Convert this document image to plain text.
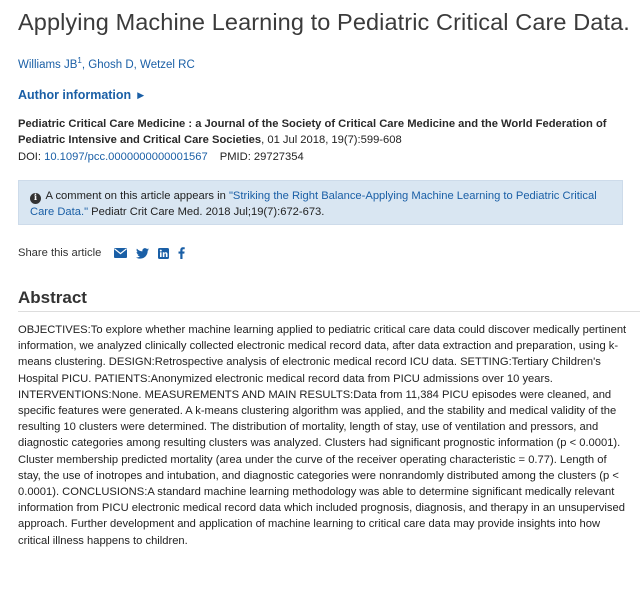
Applying Machine Learning to Pediatric Critical Care Data.
Williams JB$^1$, Ghosh D, Wetzel RC
Author information ▶
Pediatric Critical Care Medicine : a Journal of the Society of Critical Care Medicine and the World Federation of Pediatric Intensive and Critical Care Societies, 01 Jul 2018, 19(7):599-608
DOI: 10.1097/pcc.0000000000001567 PMID: 29727354
i A comment on this article appears in "Striking the Right Balance-Applying Machine Learning to Pediatric Critical Care Data." Pediatr Crit Care Med. 2018 Jul;19(7):672-673.
Share this article
Abstract

OBJECTIVES:To explore whether machine learning applied to pediatric critical care data could discover medically pertinent information, we analyzed clinically collected electronic medical record data, after data extraction and preparation, using k-means clustering. DESIGN:Retrospective analysis of electronic medical record ICU data. SETTING:Tertiary Children's Hospital PICU. PATIENTS:Anonymized electronic medical record data from PICU admissions over 10 years. INTERVENTIONS:None. MEASUREMENTS AND MAIN RESULTS:Data from 11,384 PICU episodes were cleaned, and specific features were generated. A k-means clustering algorithm was applied, and the stability and medical validity of the resulting 10 clusters were determined. The distribution of mortality, length of stay, use of ventilation and pressors, and diagnostic categories among resulting clusters was analyzed. Clusters had significant prognostic information (p < 0.0001). Cluster membership predicted mortality (area under the curve of the receiver operating characteristic = 0.77). Length of stay, the use of inotropes and intubation, and diagnostic categories were nonrandomly distributed among the clusters (p < 0.0001). CONCLUSIONS:A standard machine learning methodology was able to determine significant medically relevant information from PICU electronic medical record data which included prognosis, diagnosis, and therapy in an unsupervised approach. Further development and application of machine learning to critical care data may provide insights into how critical illness happens to children.
